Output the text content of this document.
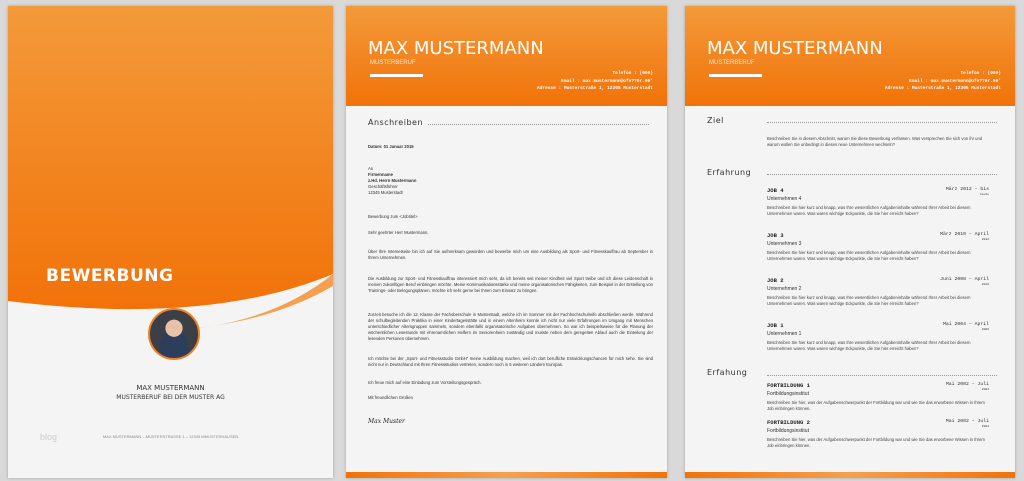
BEWERBUNG
MAX MUSTERMANN
MUSTERBERUF BEI DER MUSTER AG
blog	MAX MUSTERMANN – MUSTERSTRASSE 1 – 12345 MMUSTERHAUSEN
MAX MUSTERMANN
MUSTERBERUF
Telefon : (000)
Email : max.mustermann@ofe??0r.00'
Adresse : Musterstraße 1, 12305 Musterstadt
Anschreiben
Datum: 01 Januar 2015
An
Firmenname
z.Hd. Herrn Mustermann
Geschäftsführer
12345 Musterstadt
Bewerbung zum <Jobtitel>
Sehr geehrter Herr Mustermann,
Über Ihre Internetseite bin ich auf Sie aufmerksam geworden und bewerbe mich um eine Ausbildung als Sport- und Fitnesskauffrau ab September in Ihrem Unternehmen.
Die Ausbildung zur Sport- und Fitnesskauffrau interessiert mich sehr, da ich bereits seit meiner Kindheit viel Sport treibe und ich diese Leidenschaft in meinen zukünftigen Beruf einbringen möchte. Meine Kommunikationsstärke und meine organisatorischen Fähigkeiten, zum Beispiel in der Erstellung von Trainings- oder Belegungsplänen, möchte ich sehr gerne bei Ihnen zum Einsatz zu bringen.
Zurzeit besuche ich die 12. Klasse der Fachoberschule in Musterstadt, welche ich im Sommer mit der Fachhochschulreife abschließen werde. Während der schulbegleitenden Praktika in einer Kindertagesstätte und in einem Altenheim konnte ich nicht nur viele Erfahrungen im Umgang mit Menschen unterschiedlicher Altersgruppen sammeln, sondern ebenfalls organisatorische Aufgaben übernehmen. So war ich beispielsweise für die Planung der wöchentlichen Lesestunde mit ehrenamtlichen Helfern im Seniorenheim zuständig und musste neben dem geregelten Ablauf auch die Einteilung der lesenden Personen übernehmen.
Ich möchte bei der „Sport- und Fitnessstudio GmbH“ meine Ausbildung machen, weil ich dort berufliche Entwicklungschancen für mich sehe. Sie sind nicht nur in Deutschland mit Ihren Fitnessstudios vertreten, sondern noch in 5 weiteren Ländern Europas.
Ich freue mich auf eine Einladung zum Vorstellungsgespräch.
Mit freundlichen Grüßen
Max Muster
MAX MUSTERMANN
MUSTERBERUF
Telefon : (000)
Email : max.mustermann@ofe??0r.00'
Adresse : Musterstraße 1, 12305 Musterstadt
Ziel
Beschreiben Sie in diesem Abschnitt, warum Sie diese Bewerbung verfassen. Was versprechen Sie sich von ihr und warum wollen Sie unbedingt in dieses neue Unternehmen wechseln?
Erfahrung
JOB 4	März 2012 – bis
heute
Unternehmen 4
Beschreiben Sie hier kurz und knapp, was Ihre wesentlichen Aufgabeninhalte während Ihrer Arbeit bei diesem Unternehmen waren. Was waren wichtige Eckpunkte, die Sie hier erreicht haben?
JOB 3	März 2010 – April
2012
Unternehmen 3
Beschreiben Sie hier kurz und knapp, was Ihre wesentlichen Aufgabeninhalte während Ihrer Arbeit bei diesem Unternehmen waren. Was waren wichtige Eckpunkte, die Sie hier erreicht haben?
JOB 2	Juni 2008 – April
2010
Unternehmen 2
Beschreiben Sie hier kurz und knapp, was Ihre wesentlichen Aufgabeninhalte während Ihrer Arbeit bei diesem Unternehmen waren. Was waren wichtige Eckpunkte, die Sie hier erreicht haben?
JOB 1	Mai 2004 – April
2008
Unternehmen 1
Beschreiben Sie hier kurz und knapp, was Ihre wesentlichen Aufgabeninhalte während Ihrer Arbeit bei diesem Unternehmen waren. Was waren wichtige Eckpunkte, die Sie hier erreicht haben?
Erfahung
FORTBILDUNG 1	Mai 2002 – Juli
2004
Fortbildungsinstitut
Beschreiben Sie hier, was der Aufgabenschwerpunkt der Fortbildung war und wie Sie das erworbene Wissen in Ihrem Job einbringen können.
FORTBILDUNG 2	Mai 2002 – Juli
2004
Fortbildungsinstitut
Beschreiben Sie hier, was der Aufgabenschwerpunkt der Fortbildung war und wie Sie das erworbene Wissen in Ihrem Job einbringen können.
